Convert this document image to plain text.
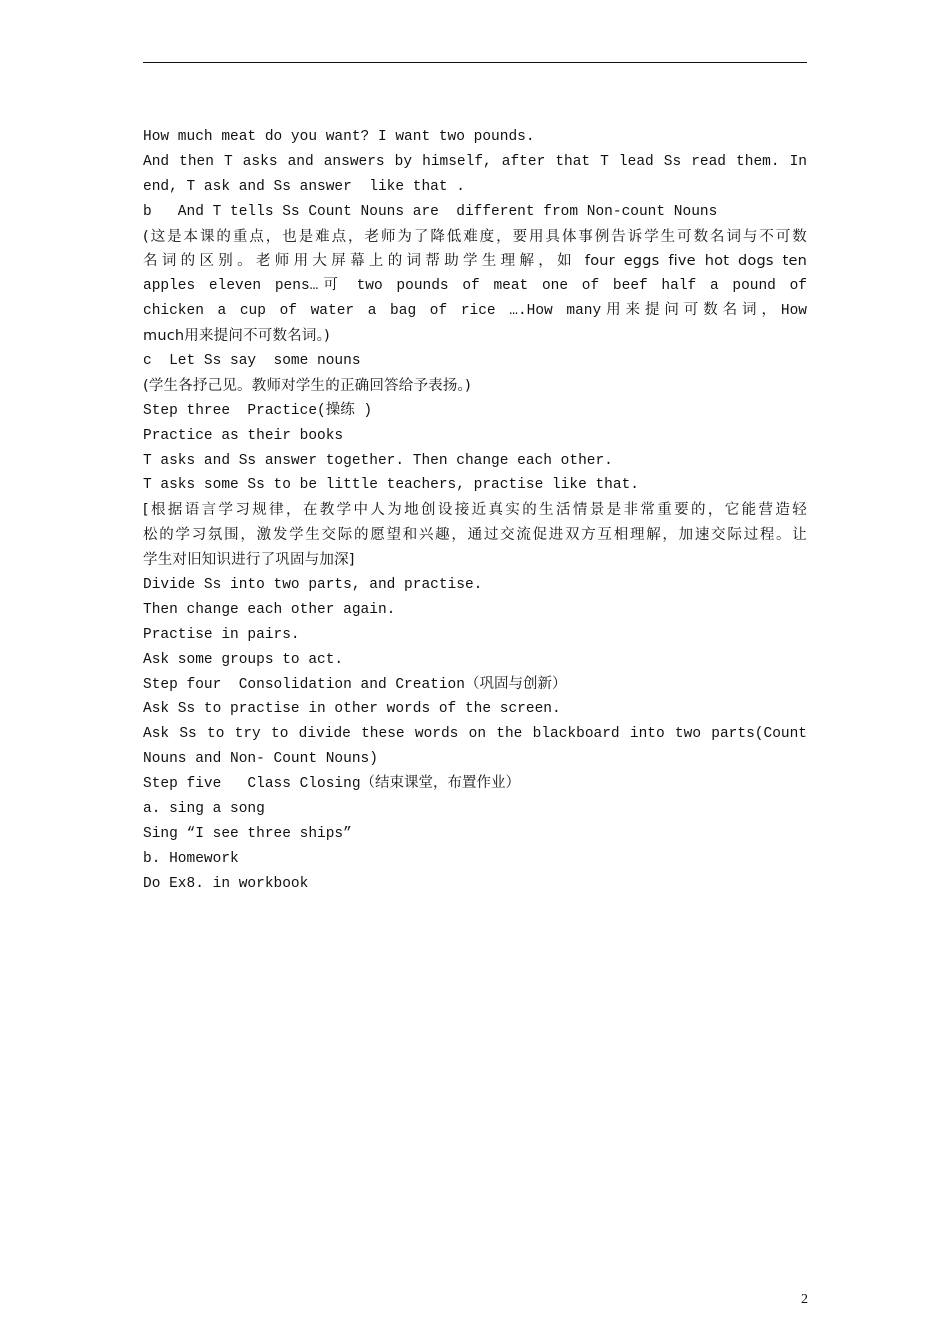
How much meat do you want? I want two pounds.
And then T asks and answers by himself, after that T lead Ss read them. In
end, T ask and Ss answer  like that .
b   And T tells Ss Count Nouns are  different from Non-count Nouns
(这是本课的重点，也是难点，老师为了降低难度，要用具体事例告诉学生可数名词与不可数
名词的区别。老师用大屏幕上的词帮助学生理解，如 four eggs five hot dogs ten
apples eleven pens…可 two pounds of meat one of beef half a pound of
chicken a cup of water a bag of rice ….How many用来提问可数名词，How
much用来提问不可数名词。)
c  Let Ss say  some nouns
(学生各抒己见。教师对学生的正确回答给予表扬。)
Step three  Practice(操练 )
Practice as their books
T asks and Ss answer together. Then change each other.
T asks some Ss to be little teachers, practise like that.
[根据语言学习规律，在教学中人为地创设接近真实的生活情景是非常重要的，它能营造轻
松的学习氛围，激发学生交际的愿望和兴趣，通过交流促进双方互相理解，加速交际过程。让
学生对旧知识进行了巩固与加深]
Divide Ss into two parts, and practise.
Then change each other again.
Practise in pairs.
Ask some groups to act.
Step four  Consolidation and Creation（巩固与创新）
Ask Ss to practise in other words of the screen.
Ask Ss to try to divide these words on the blackboard into two parts(Count
Nouns and Non- Count Nouns)
Step five   Class Closing（结束课堂，布置作业）
a. sing a song
Sing “I see three ships”
b. Homework
Do Ex8. in workbook
2
